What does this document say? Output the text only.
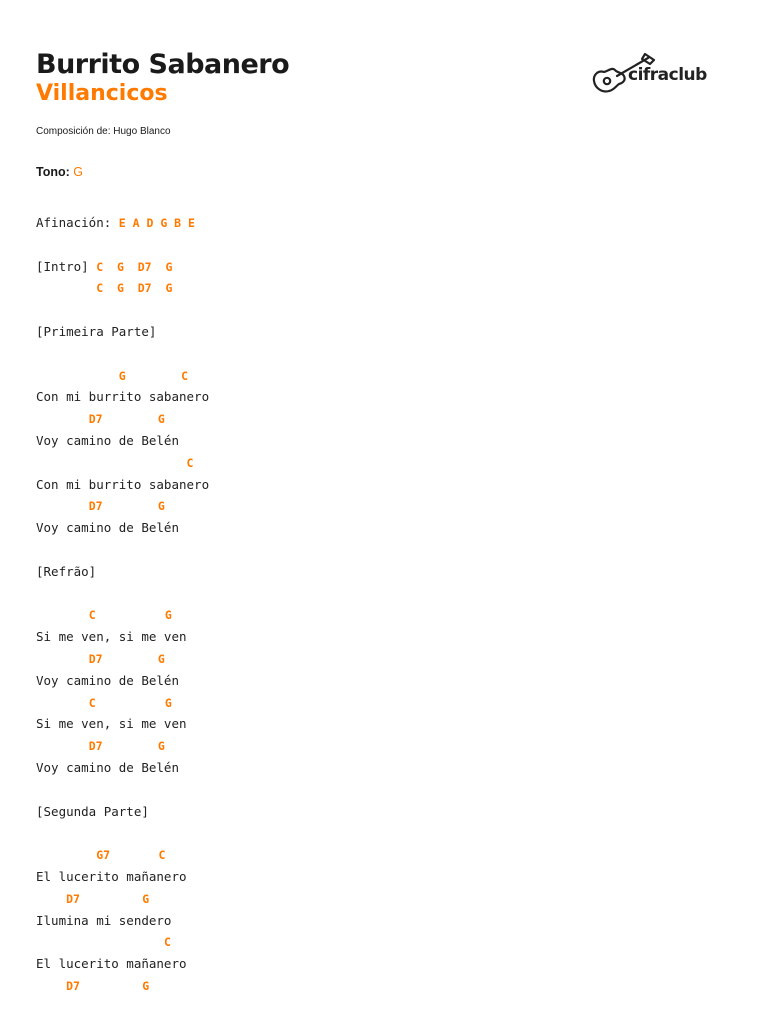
Burrito Sabanero
Villancicos
Composición de: Hugo Blanco
Tono: G
cifraclub
Afinación: E A D G B E
[Intro] C  G  D7  G
C  G  D7  G
[Primeira Parte]
G        C
Con mi burrito sabanero
D7        G
Voy camino de Belén
C
Con mi burrito sabanero
D7        G
Voy camino de Belén
[Refrão]
C          G
Si me ven, si me ven
D7        G
Voy camino de Belén
C          G
Si me ven, si me ven
D7        G
Voy camino de Belén
[Segunda Parte]
G7       C
El lucerito mañanero
D7         G
Ilumina mi sendero
C
El lucerito mañanero
D7         G
